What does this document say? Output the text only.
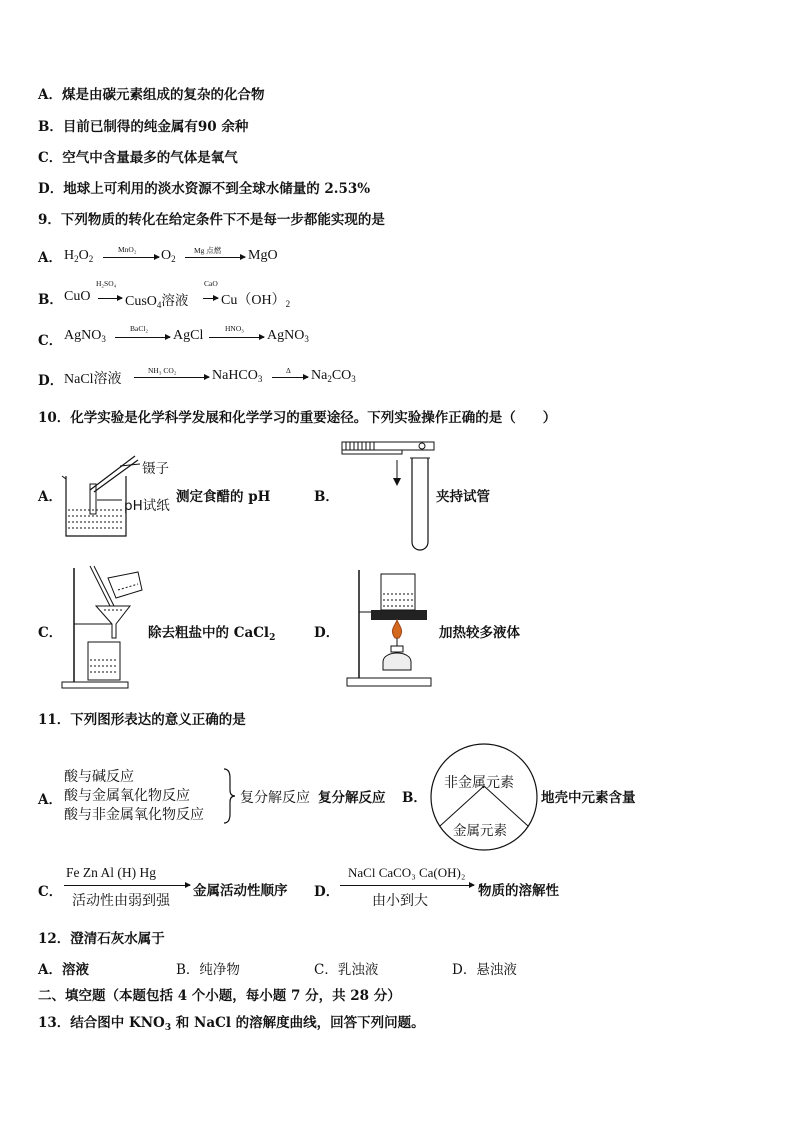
A．煤是由碳元素组成的复杂的化合物
B．目前已制得的纯金属有90 余种
C．空气中含量最多的气体是氧气
D．地球上可利用的淡水资源不到全球水储量的 2.53%
9．下列物质的转化在给定条件下不是每一步都能实现的是
A． $H_2O_2$
MnO₂ $O_2$
Mg 点燃 MgO
B． CuO
H₂SO₄
CusO$_4$溶液
CaO
$Cu(OH)_2$
C． AgNO$_3$
BaCl₂ AgCl	HNO₃ AgNO$_3$
D． NaCl溶液
NH₃ CO₂	NaHCO$_3$
Δ $Na_2CO_3$
10．化学实验是化学科学发展和化学学习的重要途径。下列实验操作正确的是（　　）
A．
镊子
pH试纸
测定食醋的 pH	B．	夹持试管
C．	除去粗盐中的 CaCl$_2$	D．	加热较多液体
11．下列图形表达的意义正确的是
A．
酸与碱反应
酸与金属氧化物反应
酸与非金属氧化物反应
复分解反应 复分解反应 B．
非金属元素
金属元素
地壳中元素含量
C．
Fe Zn Al (H) Hg
活动性由弱到强
金属活动性顺序 D．
NaCl CaCO₃ Ca(OH)₂
由小到大
物质的溶解性
12．澄清石灰水属于
A．溶液	B．纯净物	C．乳浊液	D．悬浊液
二、填空题（本题包括 4 个小题，每小题 7 分，共 28 分）
13．结合图中 $KNO_3$ 和 NaCl 的溶解度曲线，回答下列问题。
